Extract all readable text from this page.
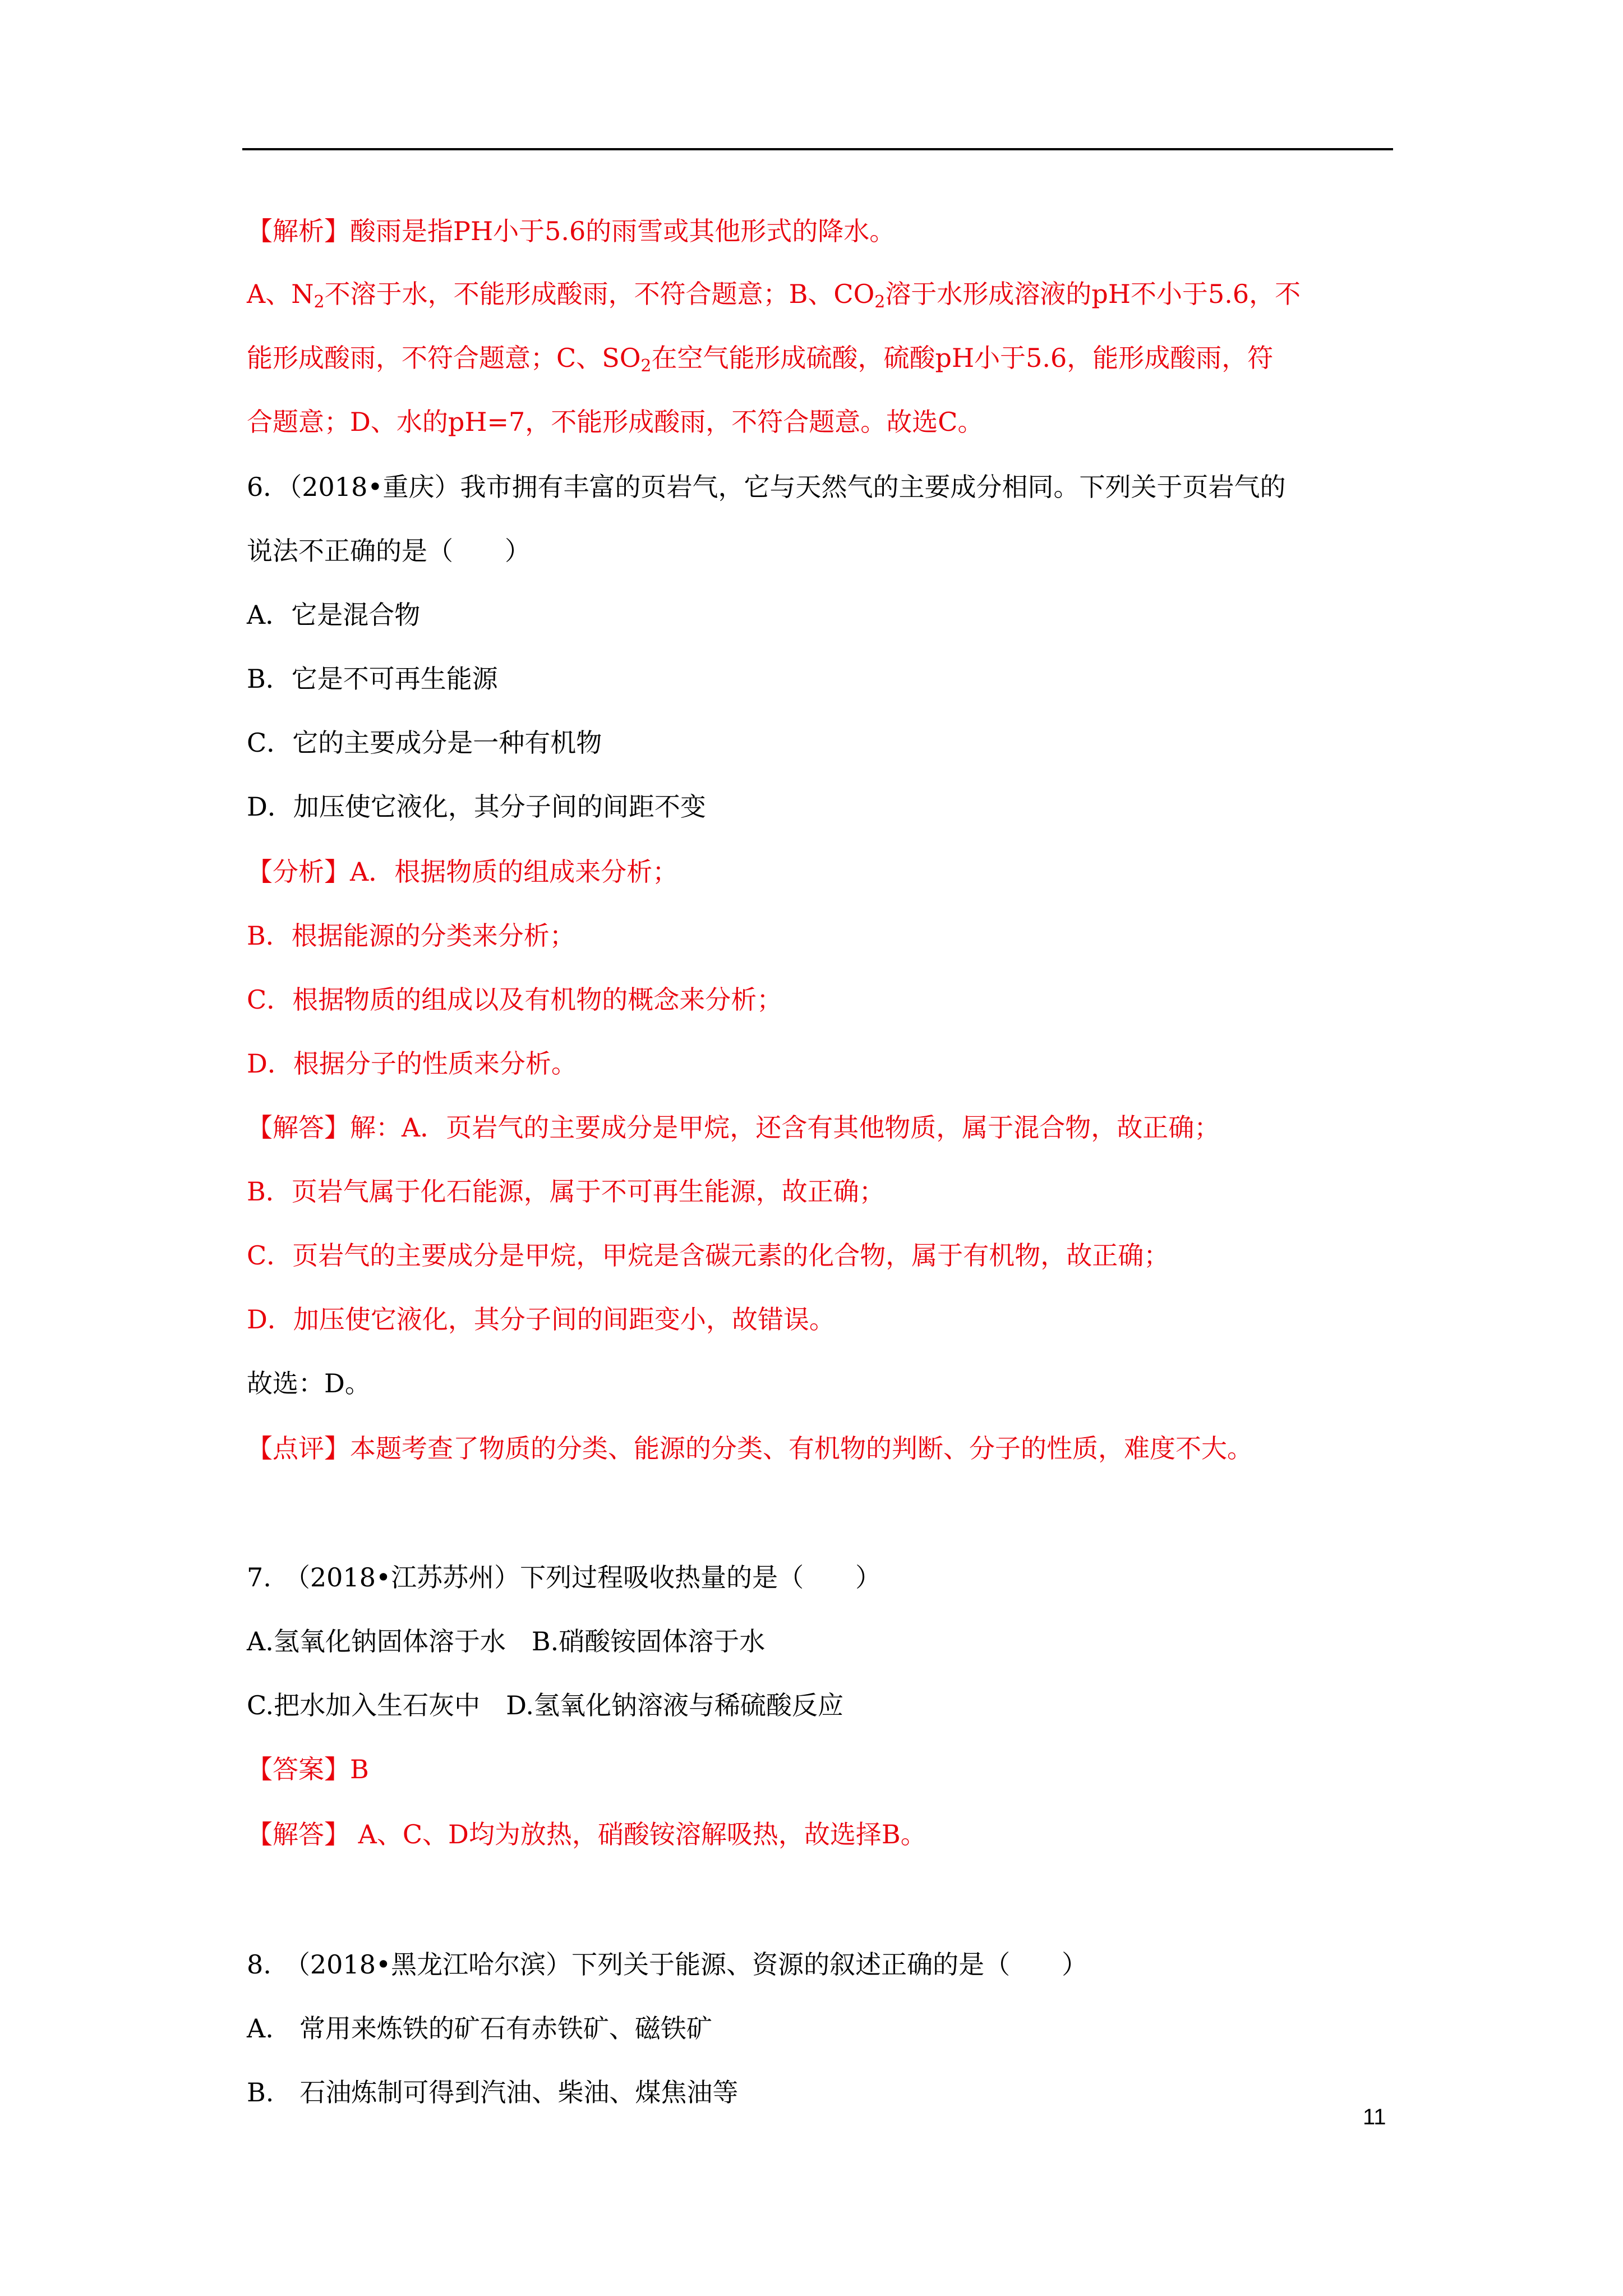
【解析】酸雨是指PH小于5.6的雨雪或其他形式的降水。
A、$N_2$不溶于水，不能形成酸雨，不符合题意；B、$CO_2$溶于水形成溶液的pH不小于5.6，不
能形成酸雨，不符合题意；C、$SO_2$在空气能形成硫酸，硫酸pH小于5.6，能形成酸雨，符
合题意；D、水的pH=7，不能形成酸雨，不符合题意。故选C。
6．（2018•重庆）我市拥有丰富的页岩气，它与天然气的主要成分相同。下列关于页岩气的
说法不正确的是（　　）
A．它是混合物
B．它是不可再生能源
C．它的主要成分是一种有机物
D．加压使它液化，其分子间的间距不变
【分析】A．根据物质的组成来分析；
B．根据能源的分类来分析；
C．根据物质的组成以及有机物的概念来分析；
D．根据分子的性质来分析。
【解答】解：A．页岩气的主要成分是甲烷，还含有其他物质，属于混合物，故正确；
B．页岩气属于化石能源，属于不可再生能源，故正确；
C．页岩气的主要成分是甲烷，甲烷是含碳元素的化合物，属于有机物，故正确；
D．加压使它液化，其分子间的间距变小，故错误。
故选：D。
【点评】本题考查了物质的分类、能源的分类、有机物的判断、分子的性质，难度不大。
7.　（2018•江苏苏州）下列过程吸收热量的是（　　）
A.氢氧化钠固体溶于水　B.硝酸铵固体溶于水
C.把水加入生石灰中　D.氢氧化钠溶液与稀硫酸反应
【答案】B
【解答】 A、C、D均为放热，硝酸铵溶解吸热，故选择B。
8.　（2018•黑龙江哈尔滨）下列关于能源、资源的叙述正确的是（　　）
A.　常用来炼铁的矿石有赤铁矿、磁铁矿
B.　石油炼制可得到汽油、柴油、煤焦油等
11
